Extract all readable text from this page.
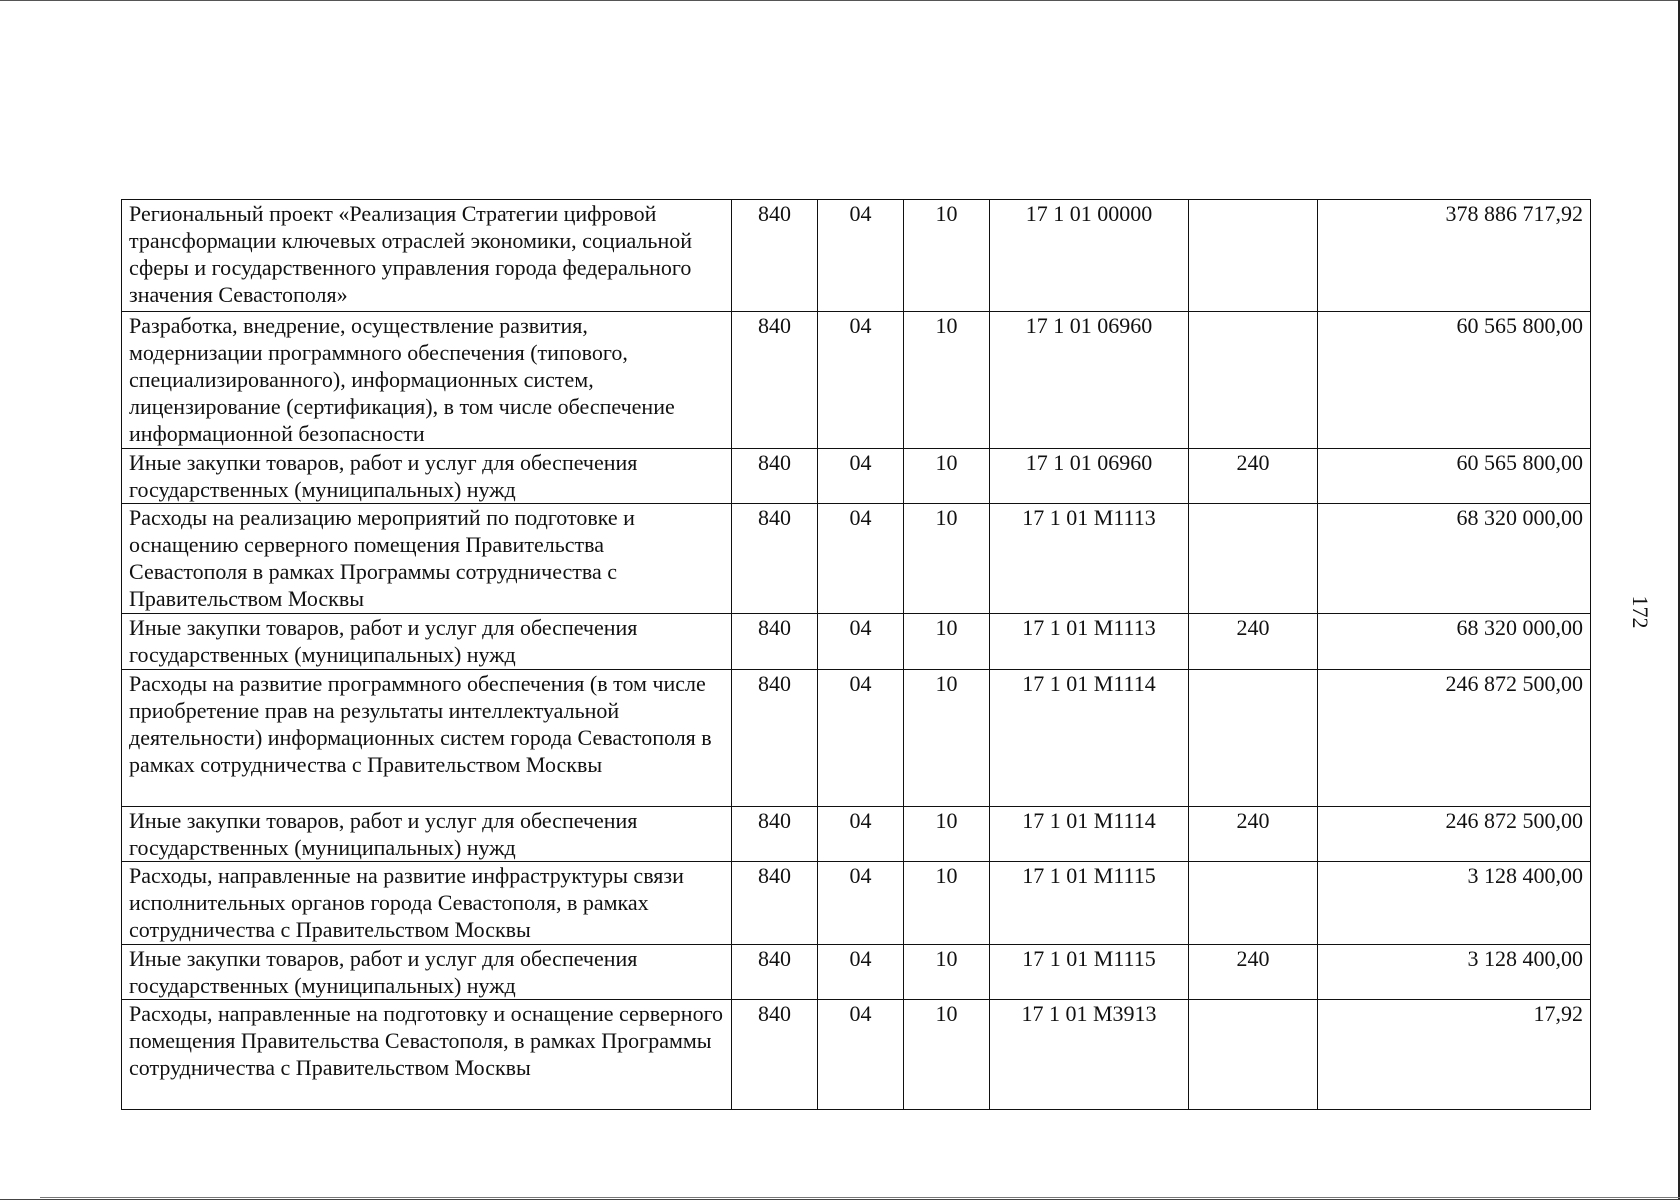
Региональный проект «Реализация Стратегии цифровой трансформации ключевых отраслей экономики, социальной сферы и государственного управления города федерального значения Севастополя»	840	04	10	17 1 01 00000		378 886 717,92
Разработка, внедрение, осуществление развития, модернизации программного обеспечения (типового, специализированного), информационных систем, лицензирование (сертификация), в том числе обеспечение информационной безопасности	840	04	10	17 1 01 06960		60 565 800,00
Иные закупки товаров, работ и услуг для обеспечения государственных (муниципальных) нужд	840	04	10	17 1 01 06960	240	60 565 800,00
Расходы на реализацию мероприятий по подготовке и оснащению серверного помещения Правительства Севастополя в рамках Программы сотрудничества с Правительством Москвы	840	04	10	17 1 01 M1113		68 320 000,00
Иные закупки товаров, работ и услуг для обеспечения государственных (муниципальных) нужд	840	04	10	17 1 01 M1113	240	68 320 000,00
Расходы на развитие программного обеспечения (в том числе приобретение прав на результаты интеллектуальной деятельности) информационных систем города Севастополя в рамках сотрудничества с Правительством Москвы	840	04	10	17 1 01 M1114		246 872 500,00
Иные закупки товаров, работ и услуг для обеспечения государственных (муниципальных) нужд	840	04	10	17 1 01 M1114	240	246 872 500,00
Расходы, направленные на развитие инфраструктуры связи исполнительных органов города Севастополя, в рамках сотрудничества с Правительством Москвы	840	04	10	17 1 01 M1115		3 128 400,00
Иные закупки товаров, работ и услуг для обеспечения государственных (муниципальных) нужд	840	04	10	17 1 01 M1115	240	3 128 400,00
Расходы, направленные на подготовку и оснащение серверного помещения Правительства Севастополя, в рамках Программы сотрудничества с Правительством Москвы	840	04	10	17 1 01 M3913		17,92
172
